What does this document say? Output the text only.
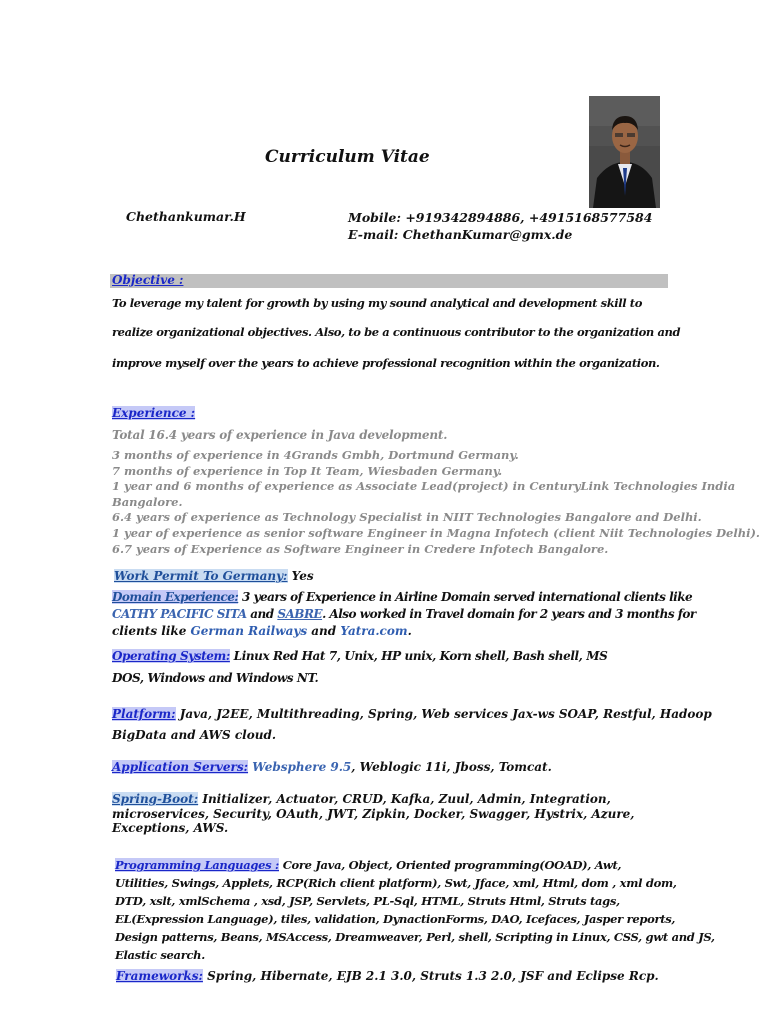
Curriculum Vitae
Chethankumar.H	Mobile: +919342894886, +4915168577584
E-mail: ChethanKumar@gmx.de
Objective :
To leverage my talent for growth by using my sound analytical and development skill to
realize organizational objectives. Also, to be a continuous contributor to the organization and
improve myself over the years to achieve professional recognition within the organization.
Experience :
Total 16.4 years of experience in Java development.
3 months of experience in 4Grands Gmbh, Dortmund Germany.
7 months of experience in Top It Team, Wiesbaden Germany.
1 year and 6 months of experience as Associate Lead(project) in CenturyLink Technologies India
Bangalore.
6.4 years of experience as Technology Specialist in NIIT Technologies Bangalore and Delhi.
1 year of experience as senior software Engineer in Magna Infotech (client Niit Technologies Delhi).
6.7 years of Experience as Software Engineer in Credere Infotech Bangalore.
Work Permit To Germany: Yes
Domain Experience: 3 years of Experience in Airline Domain served international clients like
CATHY PACIFIC SITA and SABRE. Also worked in Travel domain for 2 years and 3 months for
clients like German Railways and Yatra.com.
Operating System: Linux Red Hat 7, Unix, HP unix, Korn shell, Bash shell, MS
DOS, Windows and Windows NT.
Platform: Java, J2EE, Multithreading, Spring, Web services Jax-ws SOAP, Restful, Hadoop
BigData and AWS cloud.
Application Servers: Websphere 9.5, Weblogic 11i, Jboss, Tomcat.
Spring-Boot: Initializer, Actuator, CRUD, Kafka, Zuul, Admin, Integration,
microservices, Security, OAuth, JWT, Zipkin, Docker, Swagger, Hystrix, Azure,
Exceptions, AWS.
Programming Languages : Core Java, Object, Oriented programming(OOAD), Awt,
Utilities, Swings, Applets, RCP(Rich client platform), Swt, Jface, xml, Html, dom , xml dom,
DTD, xslt, xmlSchema , xsd, JSP, Servlets, PL-Sql, HTML, Struts Html, Struts tags,
EL(Expression Language), tiles, validation, DynactionForms, DAO, Icefaces, Jasper reports,
Design patterns, Beans, MSAccess, Dreamweaver, Perl, shell, Scripting in Linux, CSS, gwt and JS,
Elastic search.
Frameworks: Spring, Hibernate, EJB 2.1 3.0, Struts 1.3 2.0, JSF and Eclipse Rcp.
